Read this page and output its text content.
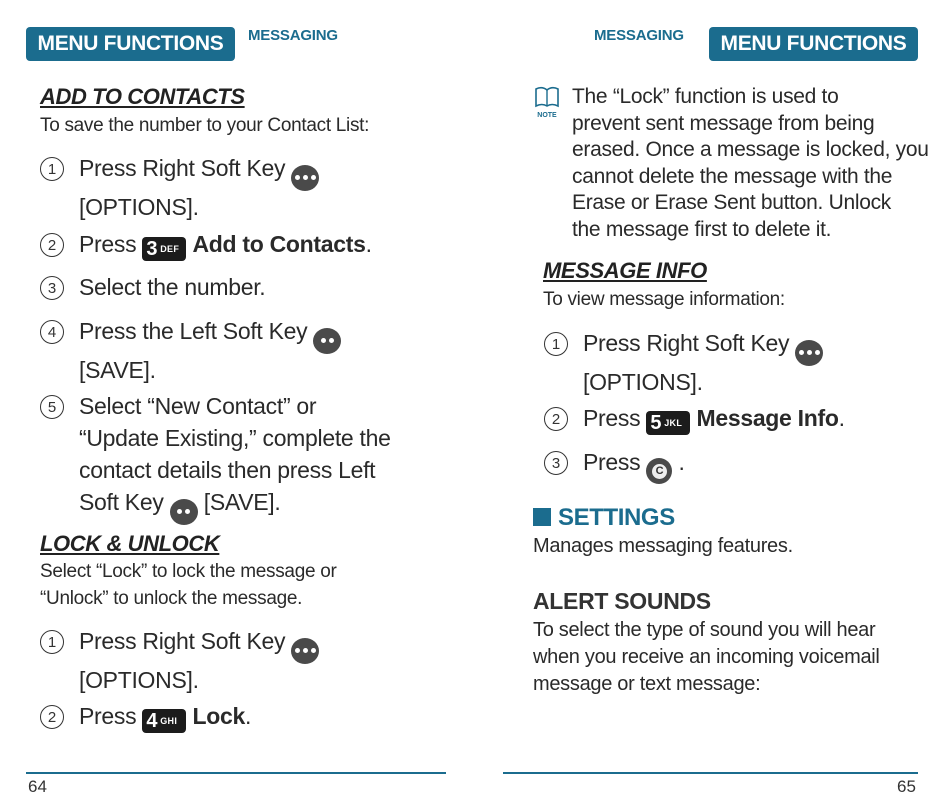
MENU FUNCTIONS	MESSAGING	MESSAGING	MENU FUNCTIONS
ADD TO CONTACTS
To save the number to your Contact List:
1 Press Right Soft Key

[OPTIONS].
2 Press 3 DEF Add to Contacts.
3 Select the number.
4 Press the Left Soft Key

[SAVE].
5 Select “New Contact” or
“Update Existing,” complete the
contact details then press Left
Soft Key [SAVE].
LOCK & UNLOCK
Select “Lock” to lock the message or
“Unlock” to unlock the message.
1 Press Right Soft Key

[OPTIONS].
2 Press 4 GHI Lock.
NOTE
The “Lock” function is used to
prevent sent message from being
erased. Once a message is locked, you
cannot delete the message with the
Erase or Erase Sent button. Unlock
the message first to delete it.
MESSAGE INFO
To view message information:
1 Press Right Soft Key

[OPTIONS].
2 Press 5 JKL Message Info.
3 Press	C .
SETTINGS
Manages messaging features.
ALERT SOUNDS
To select the type of sound you will hear
when you receive an incoming voicemail
message or text message:
64	65
